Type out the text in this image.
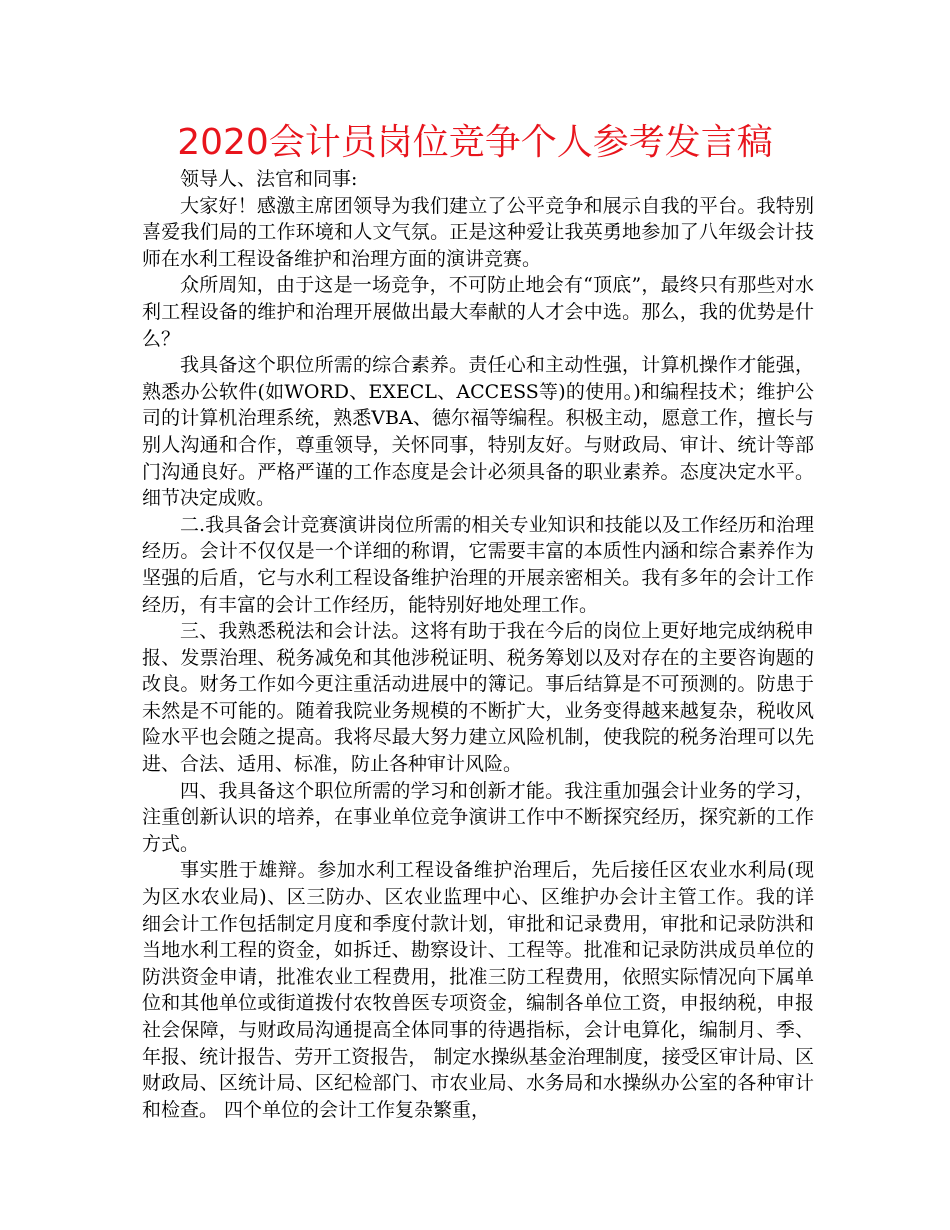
2020会计员岗位竞争个人参考发言稿

领导人、法官和同事:

大家好！感激主席团领导为我们建立了公平竞争和展示自我的平台。我特别喜爱我们局的工作环境和人文气氛。正是这种爱让我英勇地参加了八年级会计技师在水利工程设备维护和治理方面的演讲竞赛。

众所周知，由于这是一场竞争，不可防止地会有“顶底”，最终只有那些对水利工程设备的维护和治理开展做出最大奉献的人才会中选。那么，我的优势是什么？

我具备这个职位所需的综合素养。责任心和主动性强，计算机操作才能强，熟悉办公软件(如WORD、EXECL、ACCESS等)的使用。)和编程技术；维护公司的计算机治理系统，熟悉VBA、德尔福等编程。积极主动，愿意工作，擅长与别人沟通和合作，尊重领导，关怀同事，特别友好。与财政局、审计、统计等部门沟通良好。严格严谨的工作态度是会计必须具备的职业素养。态度决定水平。细节决定成败。

二.我具备会计竞赛演讲岗位所需的相关专业知识和技能以及工作经历和治理经历。会计不仅仅是一个详细的称谓，它需要丰富的本质性内涵和综合素养作为坚强的后盾，它与水利工程设备维护治理的开展亲密相关。我有多年的会计工作经历，有丰富的会计工作经历，能特别好地处理工作。

三、我熟悉税法和会计法。这将有助于我在今后的岗位上更好地完成纳税申报、发票治理、税务减免和其他涉税证明、税务筹划以及对存在的主要咨询题的改良。财务工作如今更注重活动进展中的簿记。事后结算是不可预测的。防患于未然是不可能的。随着我院业务规模的不断扩大，业务变得越来越复杂，税收风险水平也会随之提高。我将尽最大努力建立风险机制，使我院的税务治理可以先进、合法、适用、标准，防止各种审计风险。

四、我具备这个职位所需的学习和创新才能。我注重加强会计业务的学习，注重创新认识的培养，在事业单位竞争演讲工作中不断探究经历，探究新的工作方式。

事实胜于雄辩。参加水利工程设备维护治理后，先后接任区农业水利局(现为区水农业局)、区三防办、区农业监理中心、区维护办会计主管工作。我的详细会计工作包括制定月度和季度付款计划，审批和记录费用，审批和记录防洪和当地水利工程的资金，如拆迁、勘察设计、工程等。批准和记录防洪成员单位的防洪资金申请，批准农业工程费用，批准三防工程费用，依照实际情况向下属单位和其他单位或街道拨付农牧兽医专项资金，编制各单位工资，申报纳税，申报社会保障，与财政局沟通提高全体同事的待遇指标，会计电算化，编制月、季、年报、统计报告、劳开工资报告， 制定水操纵基金治理制度，接受区审计局、区财政局、区统计局、区纪检部门、市农业局、水务局和水操纵办公室的各种审计和检查。 四个单位的会计工作复杂繁重，
